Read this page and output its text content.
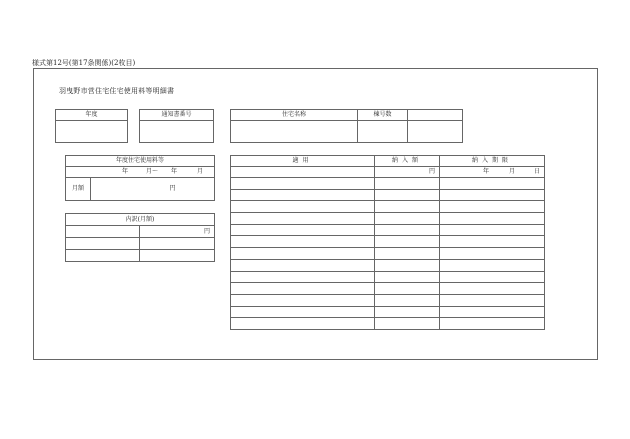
様式第12号(第17条関係)(2枚目)
羽曳野市営住宅住宅使用料等明細書
年度	通知書番号	住宅名称	棟号数	

年度住宅使用料等

年	月〜 年	月

月額	円
内訳(月額)	
	円

適用	納入額	納入期限
	円	年 月 日
